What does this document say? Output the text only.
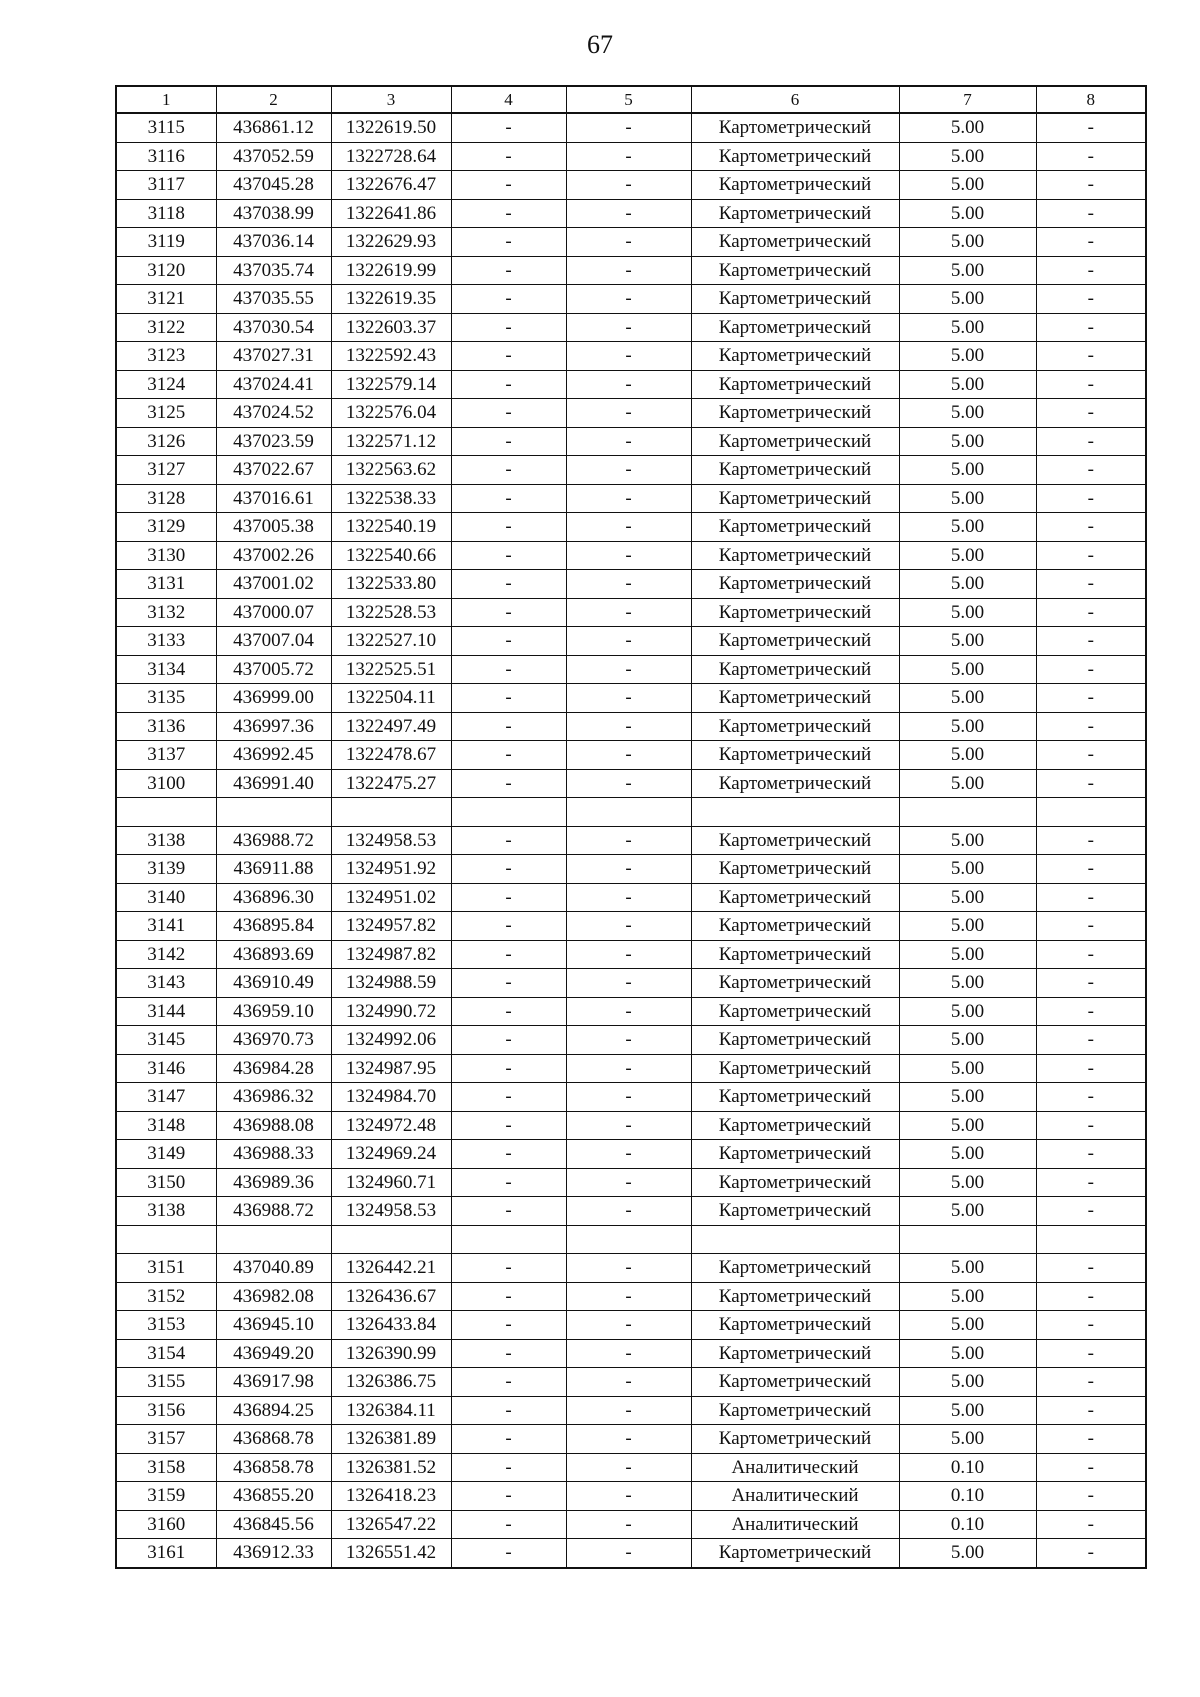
67
1	2	3	4	5	6	7	8
3115	436861.12	1322619.50	-	-	Картометрический	5.00	-
3116	437052.59	1322728.64	-	-	Картометрический	5.00	-
3117	437045.28	1322676.47	-	-	Картометрический	5.00	-
3118	437038.99	1322641.86	-	-	Картометрический	5.00	-
3119	437036.14	1322629.93	-	-	Картометрический	5.00	-
3120	437035.74	1322619.99	-	-	Картометрический	5.00	-
3121	437035.55	1322619.35	-	-	Картометрический	5.00	-
3122	437030.54	1322603.37	-	-	Картометрический	5.00	-
3123	437027.31	1322592.43	-	-	Картометрический	5.00	-
3124	437024.41	1322579.14	-	-	Картометрический	5.00	-
3125	437024.52	1322576.04	-	-	Картометрический	5.00	-
3126	437023.59	1322571.12	-	-	Картометрический	5.00	-
3127	437022.67	1322563.62	-	-	Картометрический	5.00	-
3128	437016.61	1322538.33	-	-	Картометрический	5.00	-
3129	437005.38	1322540.19	-	-	Картометрический	5.00	-
3130	437002.26	1322540.66	-	-	Картометрический	5.00	-
3131	437001.02	1322533.80	-	-	Картометрический	5.00	-
3132	437000.07	1322528.53	-	-	Картометрический	5.00	-
3133	437007.04	1322527.10	-	-	Картометрический	5.00	-
3134	437005.72	1322525.51	-	-	Картометрический	5.00	-
3135	436999.00	1322504.11	-	-	Картометрический	5.00	-
3136	436997.36	1322497.49	-	-	Картометрический	5.00	-
3137	436992.45	1322478.67	-	-	Картометрический	5.00	-
3100	436991.40	1322475.27	-	-	Картометрический	5.00	-

3138	436988.72	1324958.53	-	-	Картометрический	5.00	-
3139	436911.88	1324951.92	-	-	Картометрический	5.00	-
3140	436896.30	1324951.02	-	-	Картометрический	5.00	-
3141	436895.84	1324957.82	-	-	Картометрический	5.00	-
3142	436893.69	1324987.82	-	-	Картометрический	5.00	-
3143	436910.49	1324988.59	-	-	Картометрический	5.00	-
3144	436959.10	1324990.72	-	-	Картометрический	5.00	-
3145	436970.73	1324992.06	-	-	Картометрический	5.00	-
3146	436984.28	1324987.95	-	-	Картометрический	5.00	-
3147	436986.32	1324984.70	-	-	Картометрический	5.00	-
3148	436988.08	1324972.48	-	-	Картометрический	5.00	-
3149	436988.33	1324969.24	-	-	Картометрический	5.00	-
3150	436989.36	1324960.71	-	-	Картометрический	5.00	-
3138	436988.72	1324958.53	-	-	Картометрический	5.00	-

3151	437040.89	1326442.21	-	-	Картометрический	5.00	-
3152	436982.08	1326436.67	-	-	Картометрический	5.00	-
3153	436945.10	1326433.84	-	-	Картометрический	5.00	-
3154	436949.20	1326390.99	-	-	Картометрический	5.00	-
3155	436917.98	1326386.75	-	-	Картометрический	5.00	-
3156	436894.25	1326384.11	-	-	Картометрический	5.00	-
3157	436868.78	1326381.89	-	-	Картометрический	5.00	-
3158	436858.78	1326381.52	-	-	Аналитический	0.10	-
3159	436855.20	1326418.23	-	-	Аналитический	0.10	-
3160	436845.56	1326547.22	-	-	Аналитический	0.10	-
3161	436912.33	1326551.42	-	-	Картометрический	5.00	-
